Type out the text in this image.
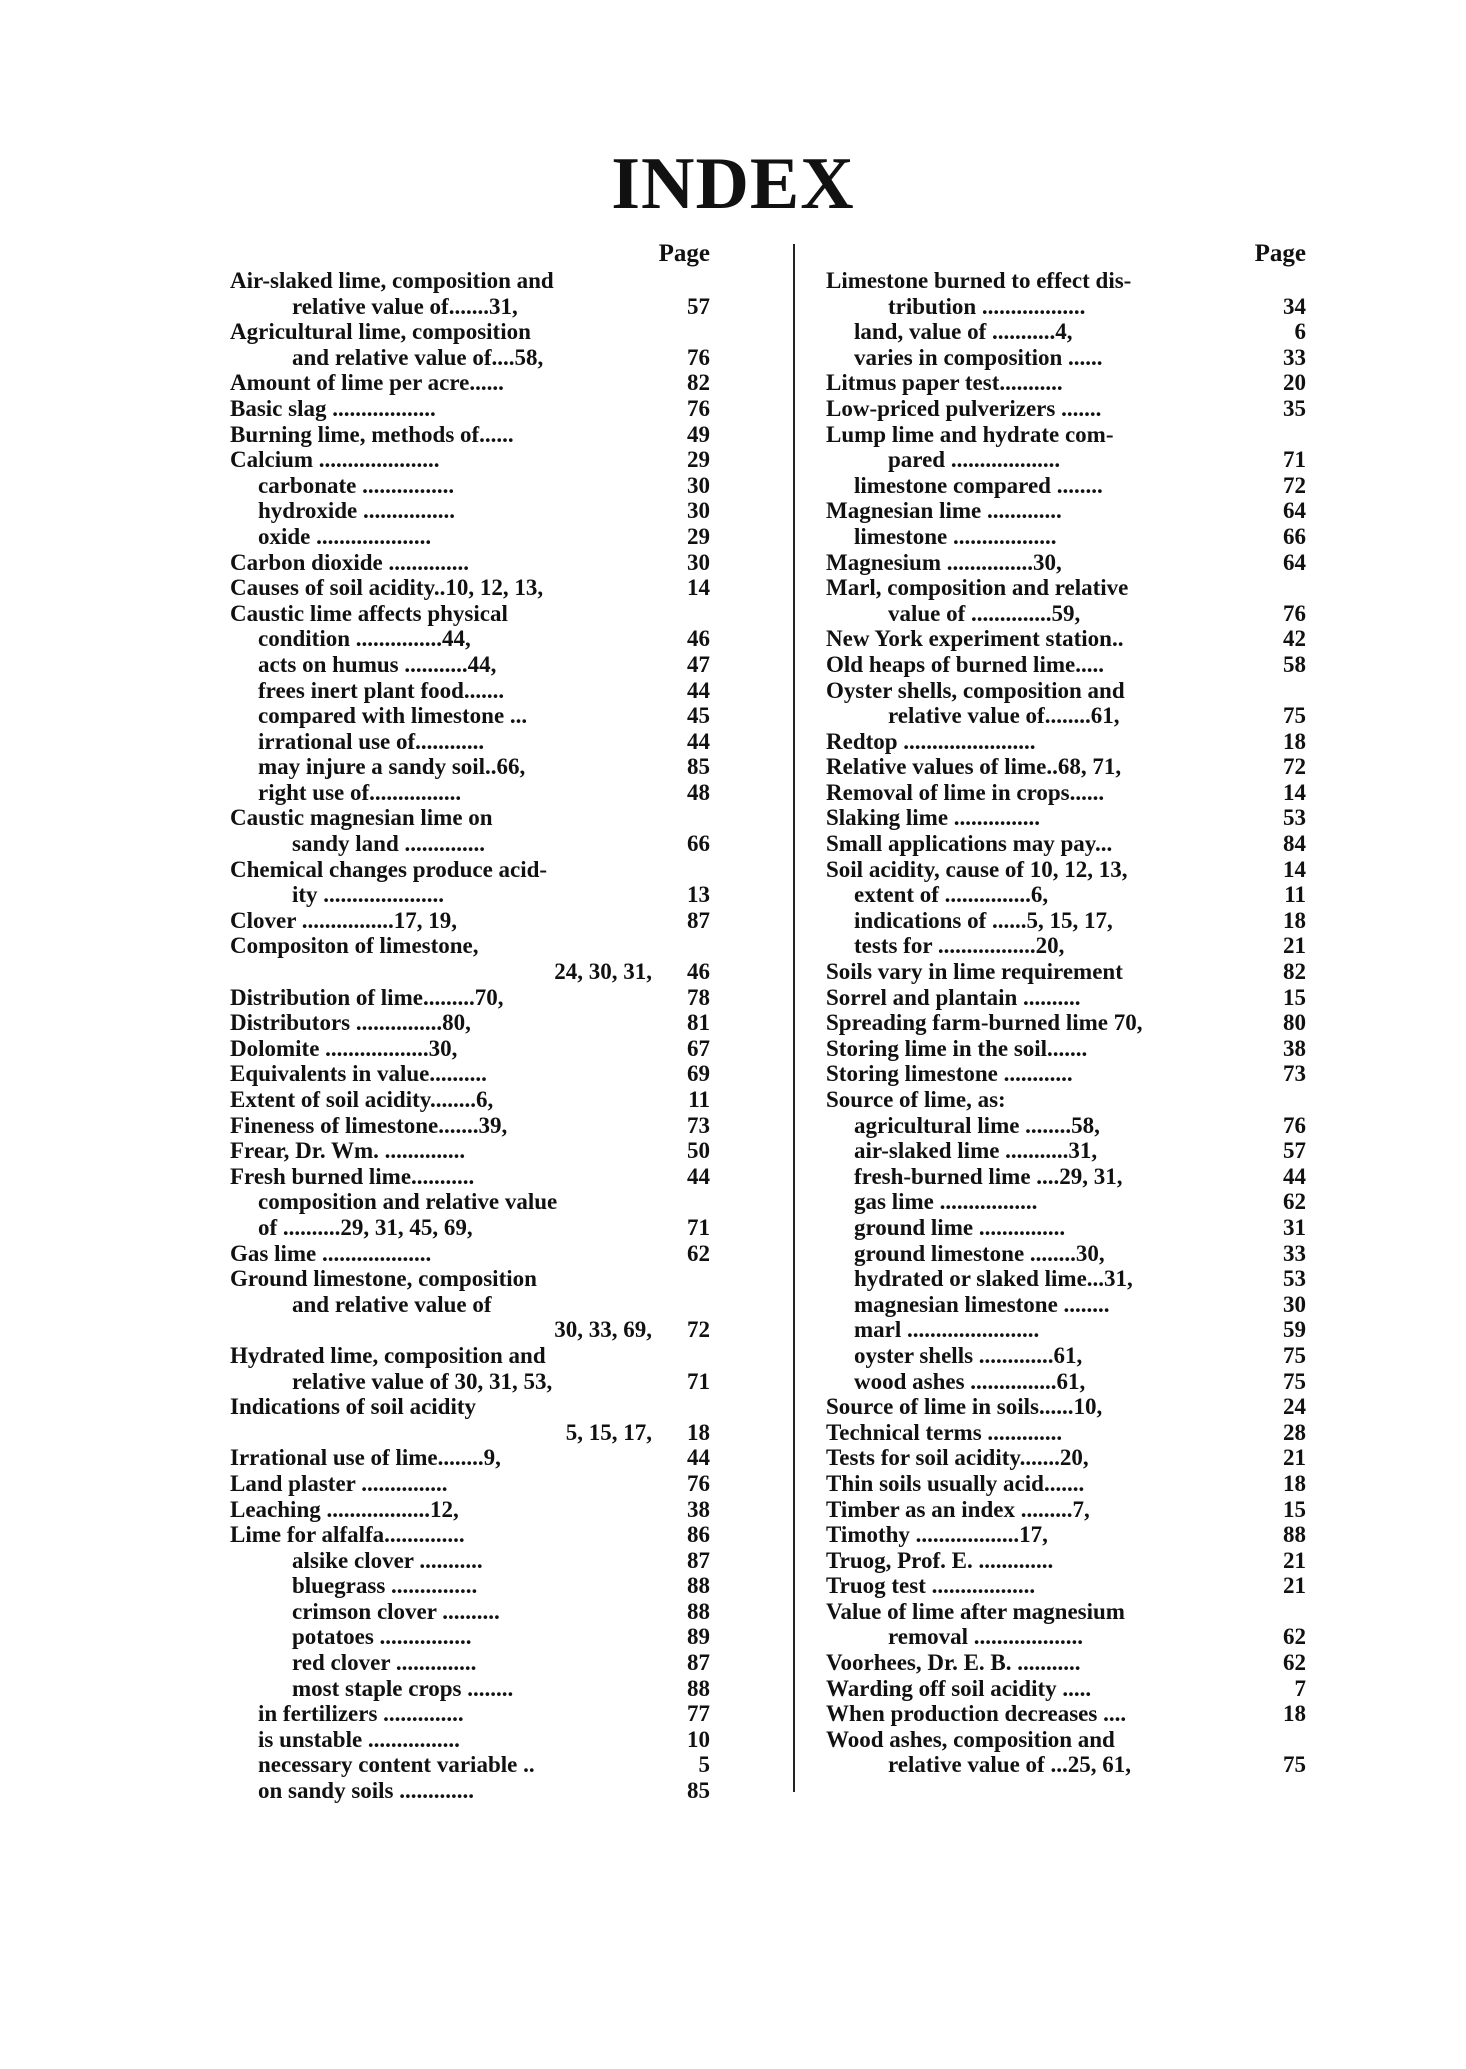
INDEX
Page
Air-slaked lime, composition and
relative value of.......31,	57
Agricultural lime, composition
and relative value of....58,	76
Amount of lime per acre......	82
Basic slag ..................	76
Burning lime, methods of......	49
Calcium .....................	29
carbonate ................	30
hydroxide ................	30
oxide ....................	29
Carbon dioxide ..............	30
Causes of soil acidity..10, 12, 13,	14
Caustic lime affects physical
condition ...............44,	46
acts on humus ...........44,	47
frees inert plant food.......	44
compared with limestone ...	45
irrational use of............	44
may injure a sandy soil..66,	85
right use of................	48
Caustic magnesian lime on
sandy land ..............	66
Chemical changes produce acid-
ity .....................	13
Clover ................17, 19,	87
Compositon of limestone,
24, 30, 31,	46
Distribution of lime.........70,	78
Distributors ...............80,	81
Dolomite ..................30,	67
Equivalents in value..........	69
Extent of soil acidity........6,	11
Fineness of limestone.......39,	73
Frear, Dr. Wm. ..............	50
Fresh burned lime...........	44
composition and relative value
of ..........29, 31, 45, 69,	71
Gas lime ...................	62
Ground limestone, composition
and relative value of
30, 33, 69,	72
Hydrated lime, composition and
relative value of 30, 31, 53,	71
Indications of soil acidity
5, 15, 17,	18
Irrational use of lime........9,	44
Land plaster ...............	76
Leaching ..................12,	38
Lime for alfalfa..............	86
alsike clover ...........	87
bluegrass ...............	88
crimson clover ..........	88
potatoes ................	89
red clover ..............	87
most staple crops ........	88
in fertilizers ..............	77
is unstable ................	10
necessary content variable ..	5
on sandy soils .............	85
Page
Limestone burned to effect dis-
tribution ..................	34
land, value of ...........4,	6
varies in composition ......	33
Litmus paper test...........	20
Low-priced pulverizers .......	35
Lump lime and hydrate com-
pared ...................	71
limestone compared ........	72
Magnesian lime .............	64
limestone ..................	66
Magnesium ...............30,	64
Marl, composition and relative
value of ..............59,	76
New York experiment station..	42
Old heaps of burned lime.....	58
Oyster shells, composition and
relative value of........61,	75
Redtop .......................	18
Relative values of lime..68, 71,	72
Removal of lime in crops......	14
Slaking lime ...............	53
Small applications may pay...	84
Soil acidity, cause of 10, 12, 13,	14
extent of ...............6,	11
indications of ......5, 15, 17,	18
tests for .................20,	21
Soils vary in lime requirement	82
Sorrel and plantain ..........	15
Spreading farm-burned lime 70,	80
Storing lime in the soil.......	38
Storing limestone ............	73
Source of lime, as:
agricultural lime ........58,	76
air-slaked lime ...........31,	57
fresh-burned lime ....29, 31,	44
gas lime .................	62
ground lime ...............	31
ground limestone ........30,	33
hydrated or slaked lime...31,	53
magnesian limestone ........	30
marl .......................	59
oyster shells .............61,	75
wood ashes ...............61,	75
Source of lime in soils......10,	24
Technical terms .............	28
Tests for soil acidity.......20,	21
Thin soils usually acid.......	18
Timber as an index .........7,	15
Timothy ..................17,	88
Truog, Prof. E. .............	21
Truog test ..................	21
Value of lime after magnesium
removal ...................	62
Voorhees, Dr. E. B. ...........	62
Warding off soil acidity .....	7
When production decreases ....	18
Wood ashes, composition and
relative value of ...25, 61,	75
